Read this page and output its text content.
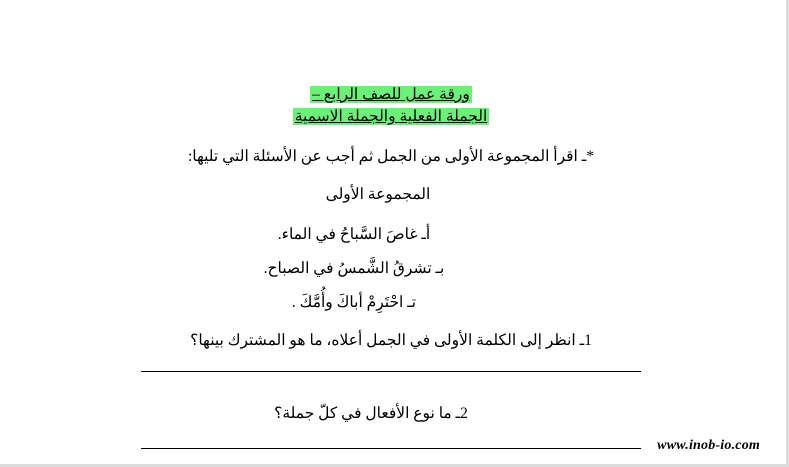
ورقة عمل للصف الرابع –
الجملة الفعلية والجملة الاسمية
*ـ اقرأ المجموعة الأولى من الجمل ثم أجب عن الأسئلة التي تليها:
المجموعة الأولى
أـ غاصَ السَّباحُ في الماء.
بـ تشرقُ الشَّمسُ في الصباح.
تـ احْتَرِمْ أباكَ وأُمَّكَ .
1ـ انظر إلى الكلمة الأولى في الجمل أعلاه، ما هو المشترك بينها؟
2ـ ما نوع الأفعال في كلّ جملة؟
www.inob-io.com
